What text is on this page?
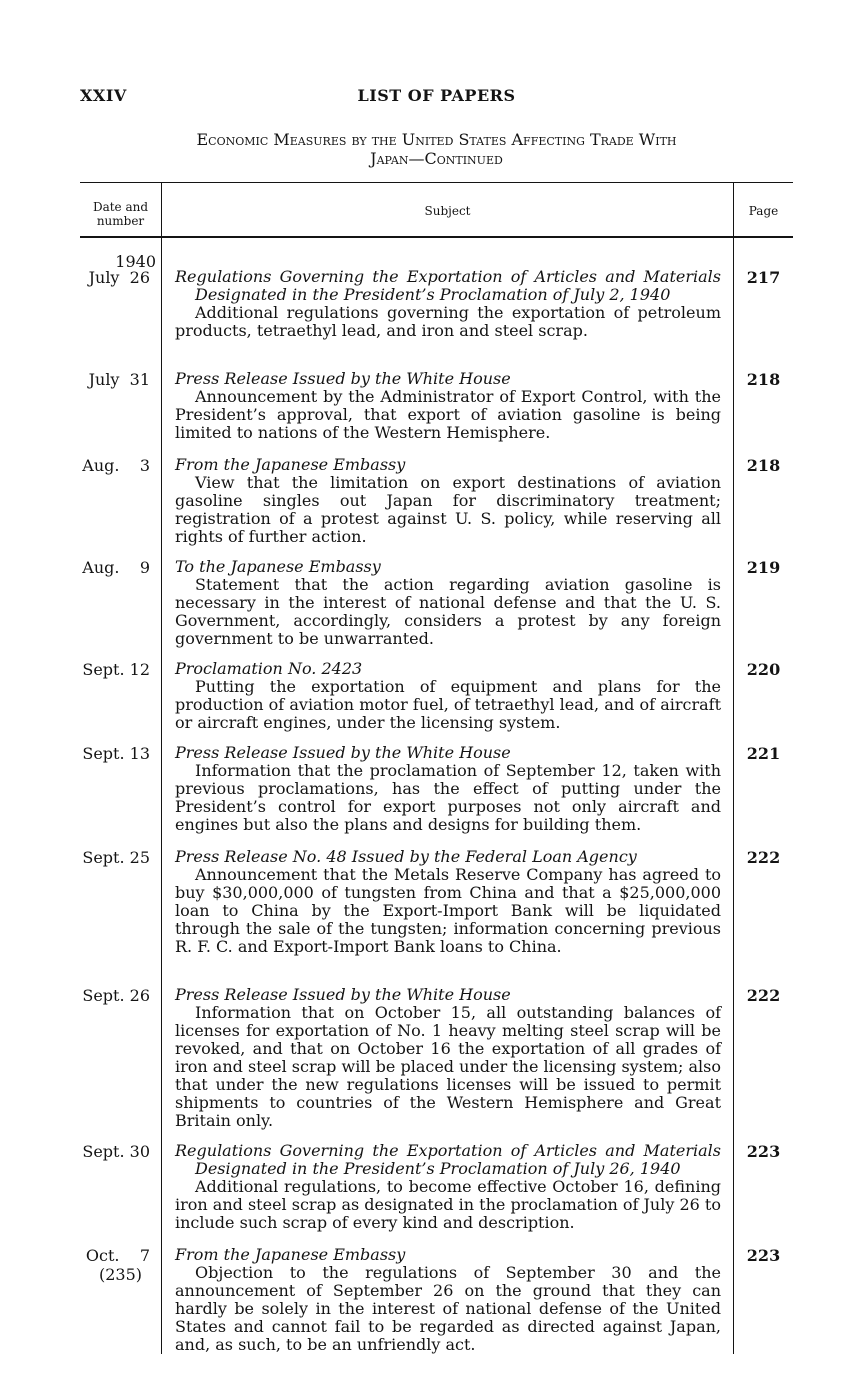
XXIV	LIST OF PAPERS
Economic Measures by the United States Affecting Trade With
Japan—Continued
Date and number
Subject	Page
1940
July  26 Regulations Governing the Exportation of Articles and Materials Designated in the President’s Proclamation of July 2, 1940

Additional regulations governing the exportation of petroleum products, tetraethyl lead, and iron and steel scrap.

217
July  31 Press Release Issued by the White House

Announcement by the Administrator of Export Control, with the President’s approval, that export of aviation gasoline is being limited to nations of the Western Hemisphere.

218
Aug.    3 From the Japanese Embassy

View that the limitation on export destinations of aviation gasoline singles out Japan for discriminatory treatment; registration of a protest against U. S. policy, while reserving all rights of further action.

218
Aug.    9 To the Japanese Embassy

Statement that the action regarding aviation gasoline is necessary in the interest of national defense and that the U. S. Government, accordingly, considers a protest by any foreign government to be unwarranted.

219
Sept. 12 Proclamation No. 2423

Putting the exportation of equipment and plans for the production of aviation motor fuel, of tetraethyl lead, and of aircraft or aircraft engines, under the licensing system.

220
Sept. 13 Press Release Issued by the White House

Information that the proclamation of September 12, taken with previous proclamations, has the effect of putting under the President’s control for export purposes not only aircraft and engines but also the plans and designs for building them.

221
Sept. 25 Press Release No. 48 Issued by the Federal Loan Agency

Announcement that the Metals Reserve Company has agreed to buy $30,000,000 of tungsten from China and that a $25,000,000 loan to China by the Export-Import Bank will be liquidated through the sale of the tungsten; information concerning previous R. F. C. and Export-Import Bank loans to China.

222
Sept. 26 Press Release Issued by the White House

Information that on October 15, all outstanding balances of licenses for exportation of No. 1 heavy melting steel scrap will be revoked, and that on October 16 the exportation of all grades of iron and steel scrap will be placed under the licensing system; also that under the new regulations licenses will be issued to permit shipments to countries of the Western Hemisphere and Great Britain only.

222
Sept. 30 Regulations Governing the Exportation of Articles and Materials Designated in the President’s Proclamation of July 26, 1940

Additional regulations, to become effective October 16, defining iron and steel scrap as designated in the proclamation of July 26 to include such scrap of every kind and description.

223
Oct.    7
(235)
From the Japanese Embassy

Objection to the regulations of September 30 and the announcement of September 26 on the ground that they can hardly be solely in the interest of national defense of the United States and cannot fail to be regarded as directed against Japan, and, as such, to be an unfriendly act.

223
